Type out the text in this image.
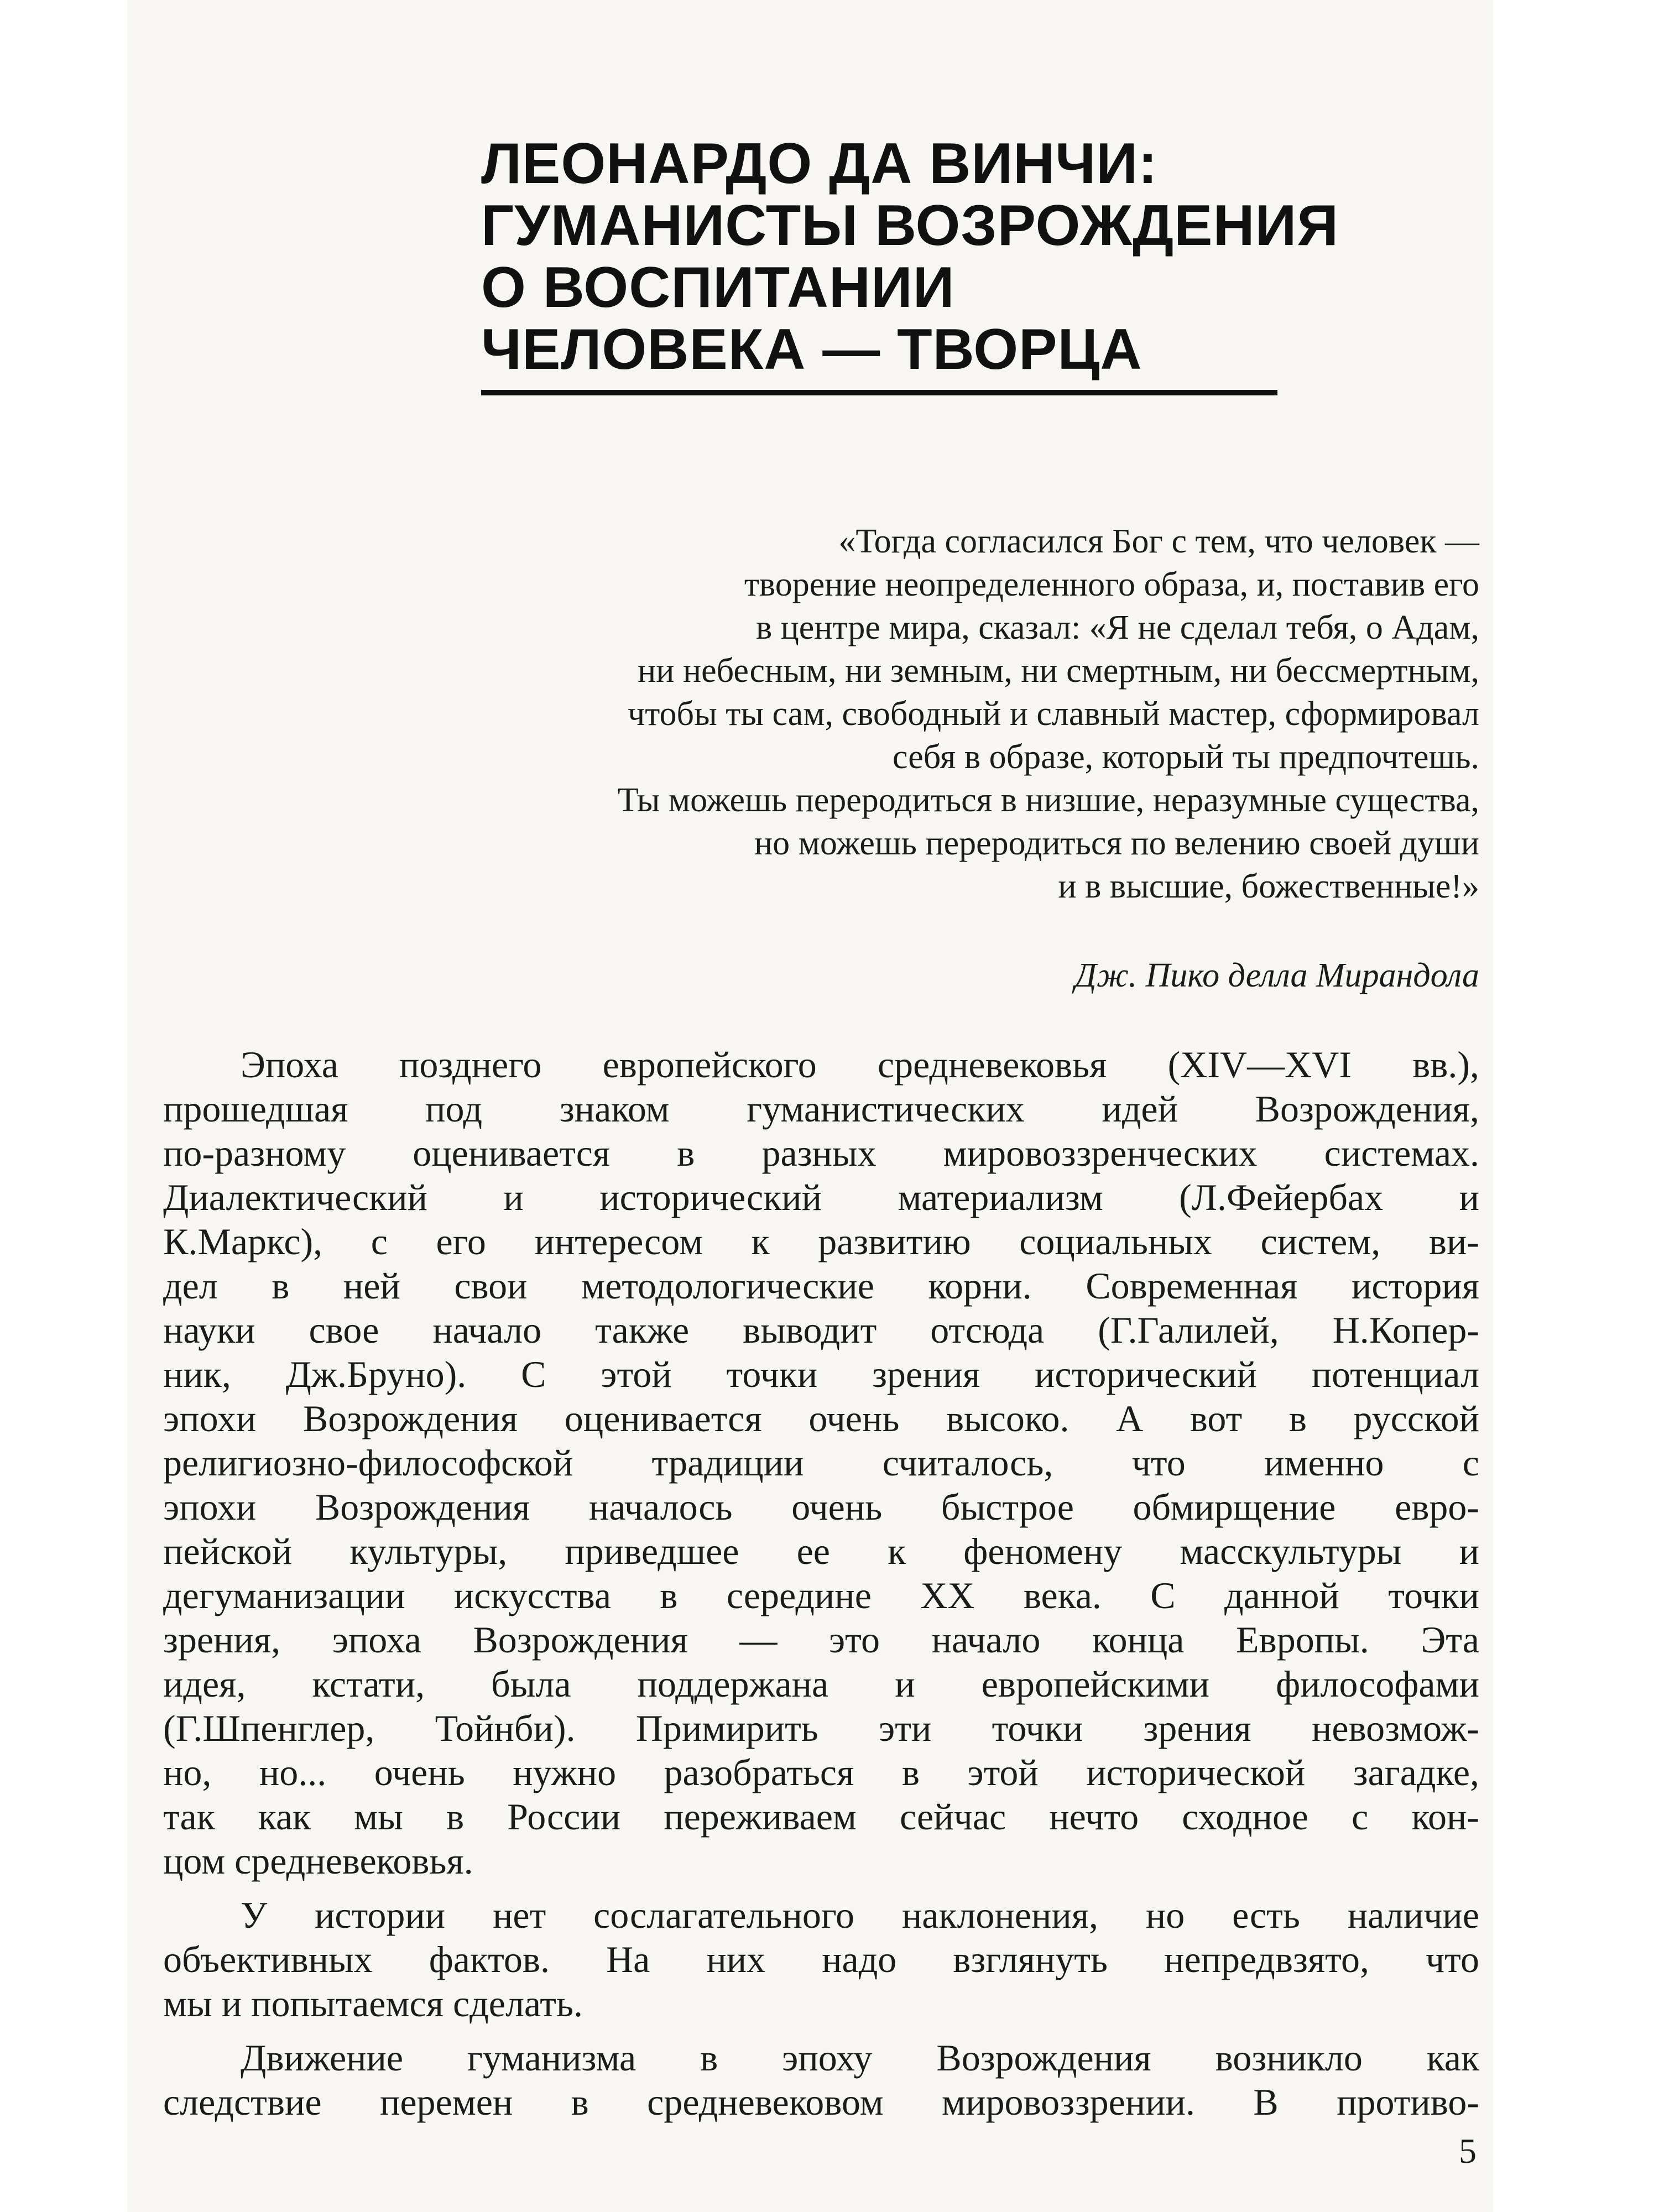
ЛЕОНАРДО ДА ВИНЧИ:
ГУМАНИСТЫ ВОЗРОЖДЕНИЯ
О ВОСПИТАНИИ
ЧЕЛОВЕКА — ТВОРЦА
«Тогда согласился Бог с тем, что человек —
творение неопределенного образа, и, поставив его
в центре мира, сказал: «Я не сделал тебя, о Адам,
ни небесным, ни земным, ни смертным, ни бессмертным,
чтобы ты сам, свободный и славный мастер, сформировал
себя в образе, который ты предпочтешь.
Ты можешь переродиться в низшие, неразумные существа,
но можешь переродиться по велению своей души
и в высшие, божественные!»
Дж. Пико делла Мирандола

Эпоха позднего европейского средневековья (XIV—XVI вв.),
прошедшая под знаком гуманистических идей Возрождения,
по-разному оценивается в разных мировоззренческих системах.
Диалектический и исторический материализм (Л.Фейербах и
К.Маркс), с его интересом к развитию социальных систем, ви-
дел в ней свои методологические корни. Современная история
науки свое начало также выводит отсюда (Г.Галилей, Н.Копер-
ник, Дж.Бруно). С этой точки зрения исторический потенциал
эпохи Возрождения оценивается очень высоко. А вот в русской
религиозно-философской традиции считалось, что именно с
эпохи Возрождения началось очень быстрое обмирщение евро-
пейской культуры, приведшее ее к феномену масскультуры и
дегуманизации искусства в середине XX века. С данной точки
зрения, эпоха Возрождения — это начало конца Европы. Эта
идея, кстати, была поддержана и европейскими философами
(Г.Шпенглер, Тойнби). Примирить эти точки зрения невозмож-
но, но... очень нужно разобраться в этой исторической загадке,
так как мы в России переживаем сейчас нечто сходное с кон-
цом средневековья.

У истории нет сослагательного наклонения, но есть наличие
объективных фактов. На них надо взглянуть непредвзято, что
мы и попытаемся сделать.

Движение гуманизма в эпоху Возрождения возникло как
следствие перемен в средневековом мировоззрении. В противо-

5
